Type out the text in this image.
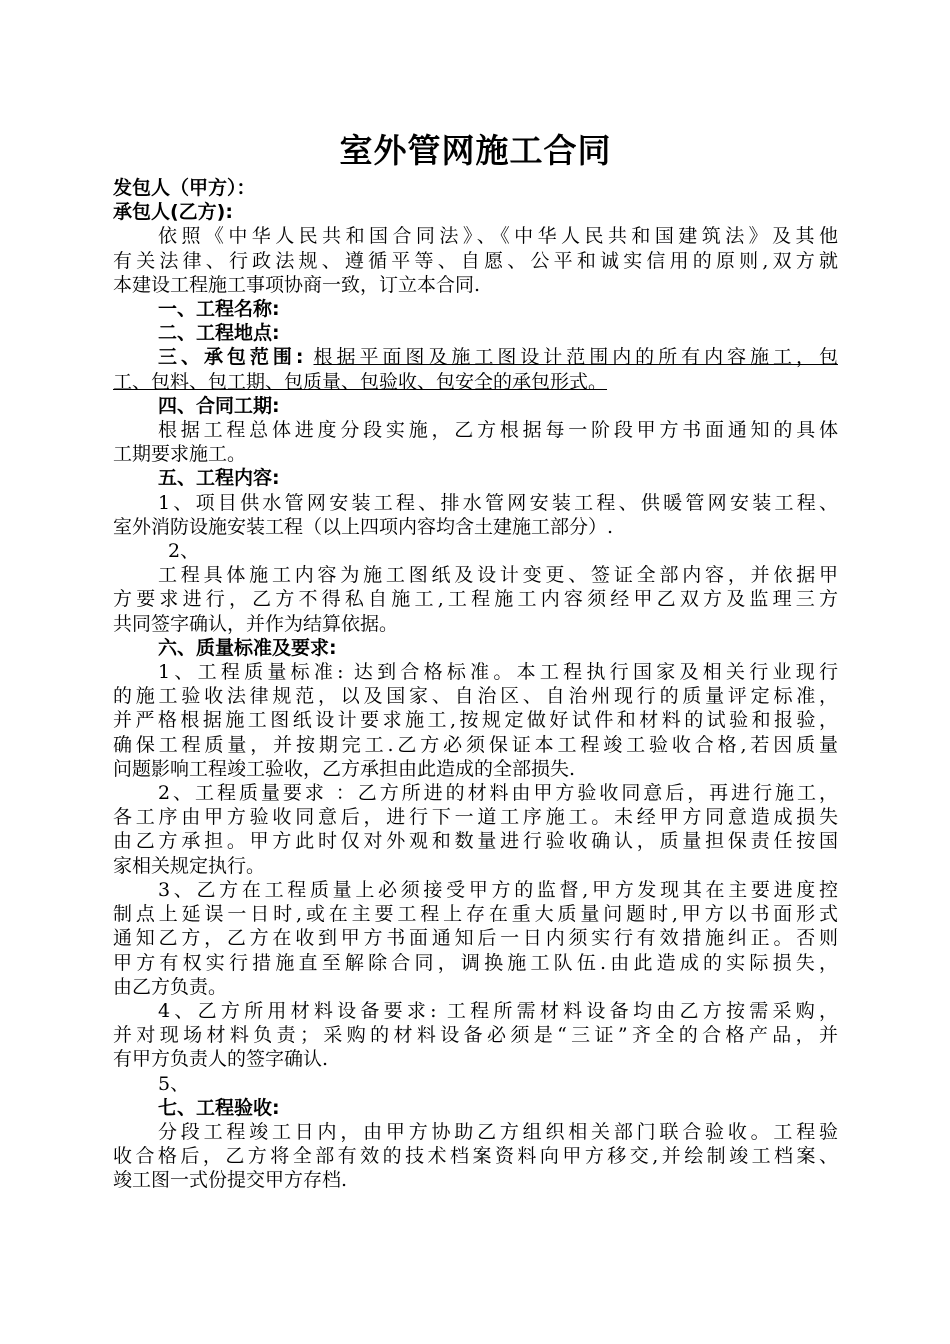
室外管网施工合同
发包人（甲方）：
承包人(乙方):
依照《中华人民共和国合同法》、《中华人民共和国建筑法》及其他
有关法律、行政法规、遵循平等、自愿、公平和诚实信用的原则,双方就
本建设工程施工事项协商一致，订立本合同.
一、工程名称:
二、工程地点:
三、承包范围: 根据平面图及施工图设计范围内的所有内容施工，包
工、包料、包工期、包质量、包验收、包安全的承包形式。
四、合同工期:
根据工程总体进度分段实施，乙方根据每一阶段甲方书面通知的具体
工期要求施工。
五、工程内容:
1、项目供水管网安装工程、排水管网安装工程、供暖管网安装工程、
室外消防设施安装工程（以上四项内容均含土建施工部分）.
2、
工程具体施工内容为施工图纸及设计变更、签证全部内容，并依据甲
方要求进行，乙方不得私自施工,工程施工内容须经甲乙双方及监理三方
共同签字确认，并作为结算依据。
六、质量标准及要求:
1、工程质量标准: 达到合格标准。本工程执行国家及相关行业现行
的施工验收法律规范，以及国家、自治区、自治州现行的质量评定标准，
并严格根据施工图纸设计要求施工,按规定做好试件和材料的试验和报验，
确保工程质量，并按期完工.乙方必须保证本工程竣工验收合格,若因质量
问题影响工程竣工验收，乙方承担由此造成的全部损失.
2、工程质量要求 ：乙方所进的材料由甲方验收同意后，再进行施工，
各工序由甲方验收同意后，进行下一道工序施工。未经甲方同意造成损失
由乙方承担。甲方此时仅对外观和数量进行验收确认，质量担保责任按国
家相关规定执行。
3、乙方在工程质量上必须接受甲方的监督,甲方发现其在主要进度控
制点上延误一日时,或在主要工程上存在重大质量问题时,甲方以书面形式
通知乙方，乙方在收到甲方书面通知后一日内须实行有效措施纠正。否则
甲方有权实行措施直至解除合同，调换施工队伍.由此造成的实际损失，
由乙方负责。
4、乙方所用材料设备要求: 工程所需材料设备均由乙方按需采购，
并对现场材料负责；采购的材料设备必须是“三证”齐全的合格产品，并
有甲方负责人的签字确认.
5、
七、工程验收:
分段工程竣工日内，由甲方协助乙方组织相关部门联合验收。工程验
收合格后，乙方将全部有效的技术档案资料向甲方移交,并绘制竣工档案、
竣工图一式份提交甲方存档.
